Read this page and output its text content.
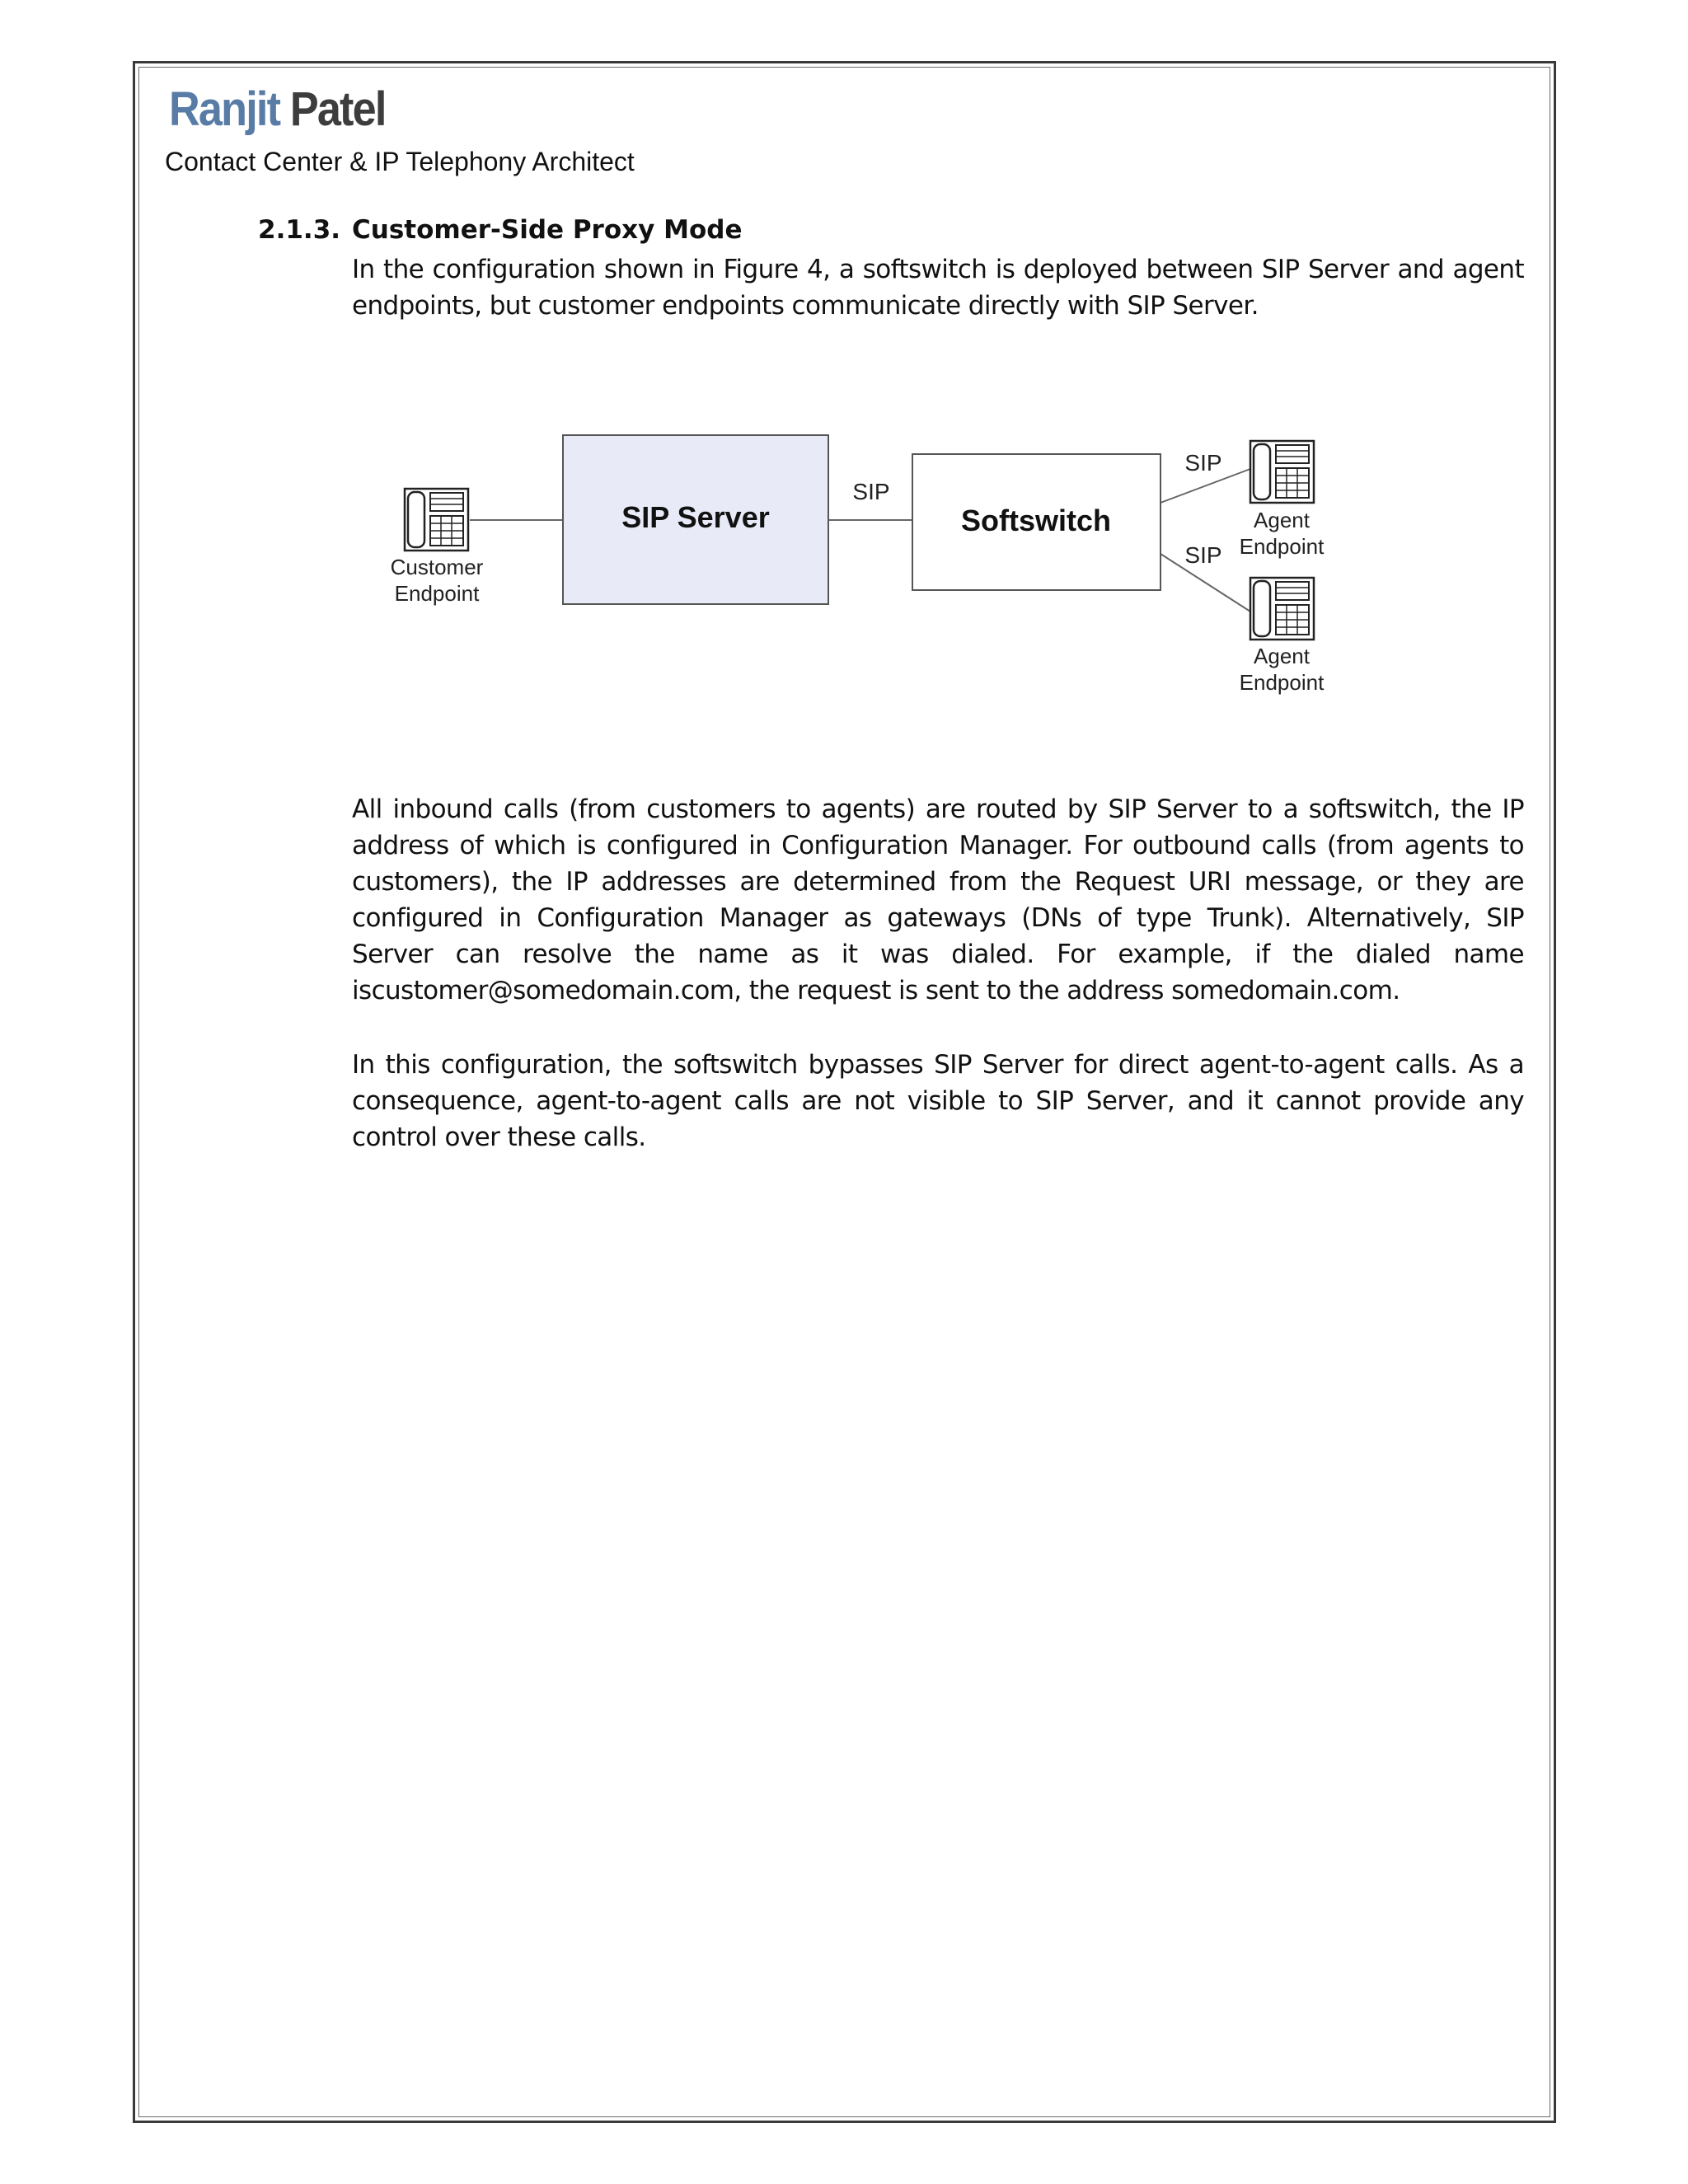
Ranjit Patel
Contact Center & IP Telephony Architect
2.1.3. Customer-Side Proxy Mode
In the configuration shown in Figure 4, a softswitch is deployed between SIP Server and agent endpoints, but customer endpoints communicate directly with SIP Server.
SIP Server	Softswitch
SIP
SIP
SIP
Customer
Endpoint
Agent
Endpoint
Agent
Endpoint
All inbound calls (from customers to agents) are routed by SIP Server to a softswitch, the IP address of which is configured in Configuration Manager. For outbound calls (from agents to customers), the IP addresses are determined from the Request URI message, or they are configured in Configuration Manager as gateways (DNs of type Trunk). Alternatively, SIP Server can resolve the name as it was dialed. For example, if the dialed name iscustomer@somedomain.com, the request is sent to the address somedomain.com.
In this configuration, the softswitch bypasses SIP Server for direct agent-to-agent calls. As a consequence, agent-to-agent calls are not visible to SIP Server, and it cannot provide any control over these calls.
